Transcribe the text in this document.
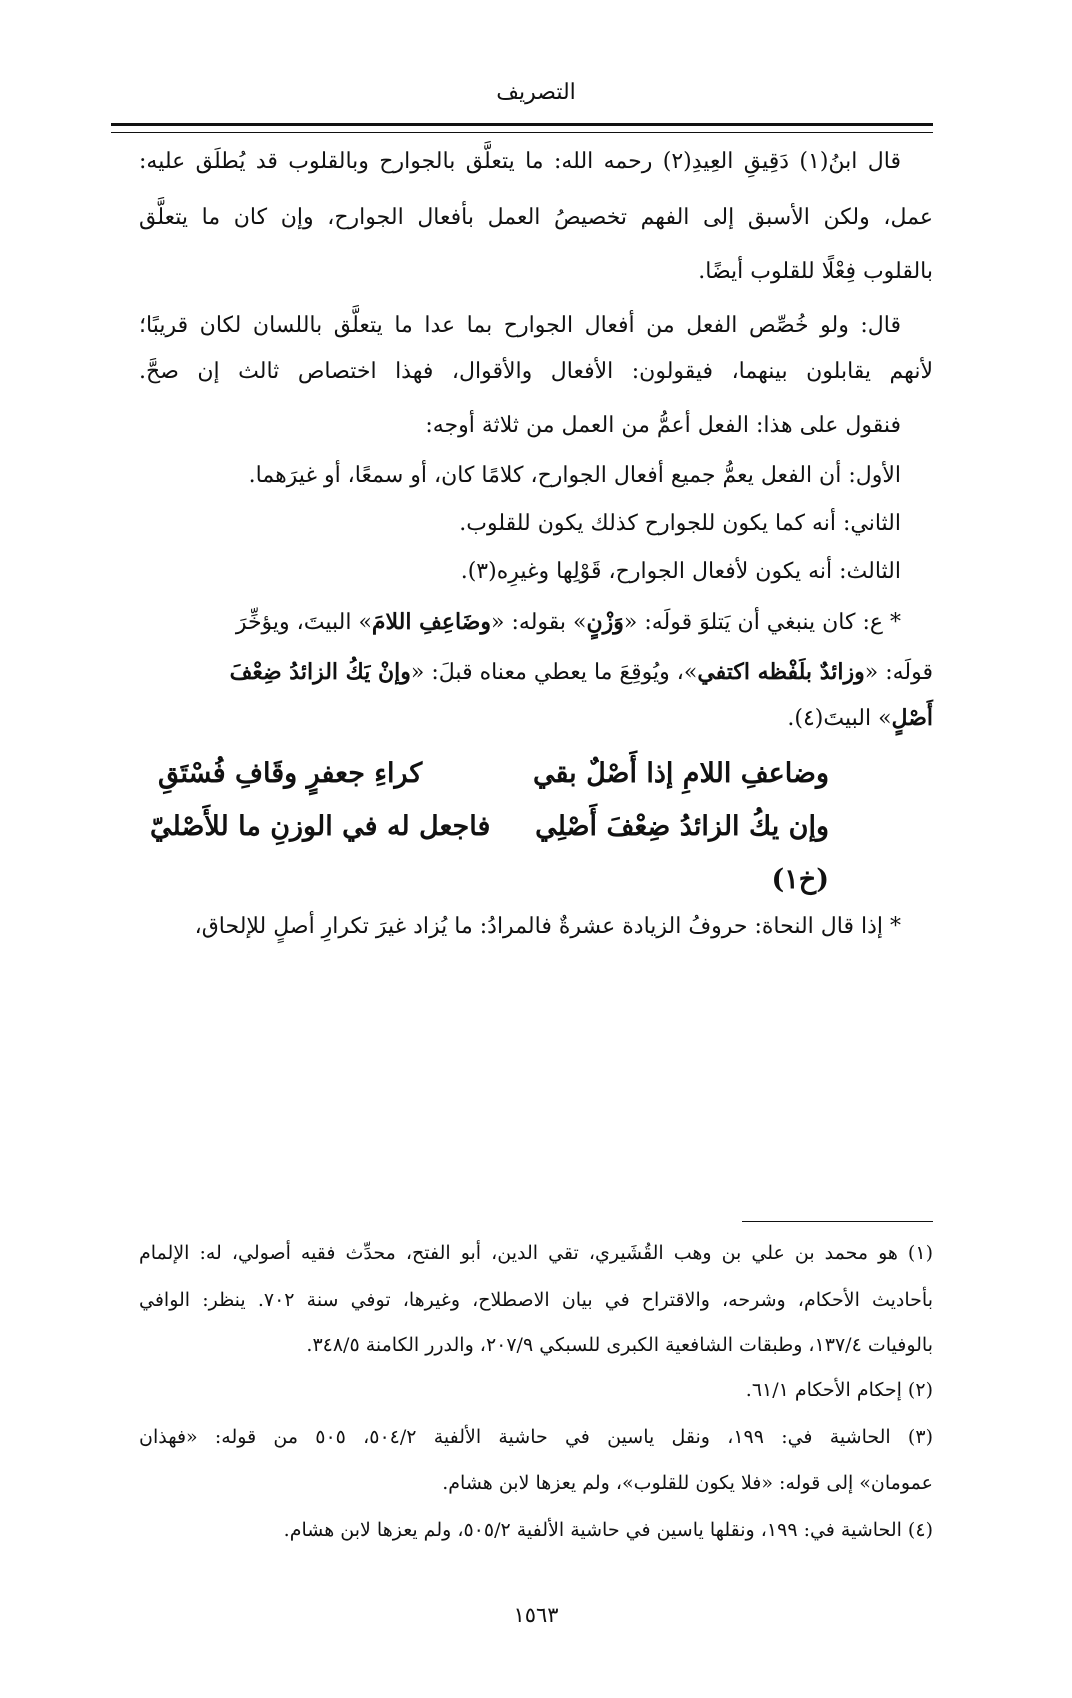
التصريف
قال ابنُ(١) دَقِيقِ العِيدِ(٢) رحمه الله: ما يتعلَّق بالجوارح وبالقلوب قد يُطلَق عليه:
عمل، ولكن الأسبق إلى الفهم تخصيصُ العمل بأفعال الجوارح، وإن كان ما يتعلَّق
بالقلوب فِعْلًا للقلوب أيضًا.
قال: ولو خُصِّص الفعل من أفعال الجوارح بما عدا ما يتعلَّق باللسان لكان قريبًا؛
لأنهم يقابلون بينهما، فيقولون: الأفعال والأقوال، فهذا اختصاص ثالث إن صحَّ.
فنقول على هذا: الفعل أعمُّ من العمل من ثلاثة أوجه:
الأول: أن الفعل يعمُّ جميع أفعال الجوارح، كلامًا كان، أو سمعًا، أو غيرَهما.
الثاني: أنه كما يكون للجوارح كذلك يكون للقلوب.
الثالث: أنه يكون لأفعال الجوارح، قَوْلِها وغيرِه(٣).
* ع: كان ينبغي أن يَتلوَ قولَه: «وَزْنٍ» بقوله: «وضَاعِفِ اللامَ» البيتَ، ويؤخِّرَ
قولَه: «وزائدٌ بلَفْظه اكتفي»، ويُوقِعَ ما يعطي معناه قبلَ: «وإنْ يَكُ الزائدُ ضِعْفَ
أَصْلٍ» البيتَ(٤).
وضاعفِ اللامِ إذا أَصْلٌ بقي
كراءِ جعفرٍ وقَافِ فُسْتَقِ
وإن يكُ الزائدُ ضِعْفَ أَصْلِي
فاجعل له في الوزنِ ما للأَصْليّ
(خ١)
* إذا قال النحاة: حروفُ الزيادة عشرةٌ فالمرادُ: ما يُزاد غيرَ تكرارِ أصلٍ للإلحاق،
(١) هو محمد بن علي بن وهب القُشَيري، تقي الدين، أبو الفتح، محدِّث فقيه أصولي، له: الإلمام
بأحاديث الأحكام، وشرحه، والاقتراح في بيان الاصطلاح، وغيرها، توفي سنة ٧٠٢. ينظر: الوافي
بالوفيات ١٣٧/٤، وطبقات الشافعية الكبرى للسبكي ٢٠٧/٩، والدرر الكامنة ٣٤٨/٥.
(٢) إحكام الأحكام ٦١/١.
(٣) الحاشية في: ١٩٩، ونقل ياسين في حاشية الألفية ٥٠٤/٢، ٥٠٥ من قوله: «فهذان
عمومان» إلى قوله: «فلا يكون للقلوب»، ولم يعزها لابن هشام.
(٤) الحاشية في: ١٩٩، ونقلها ياسين في حاشية الألفية ٥٠٥/٢، ولم يعزها لابن هشام.
١٥٦٣
